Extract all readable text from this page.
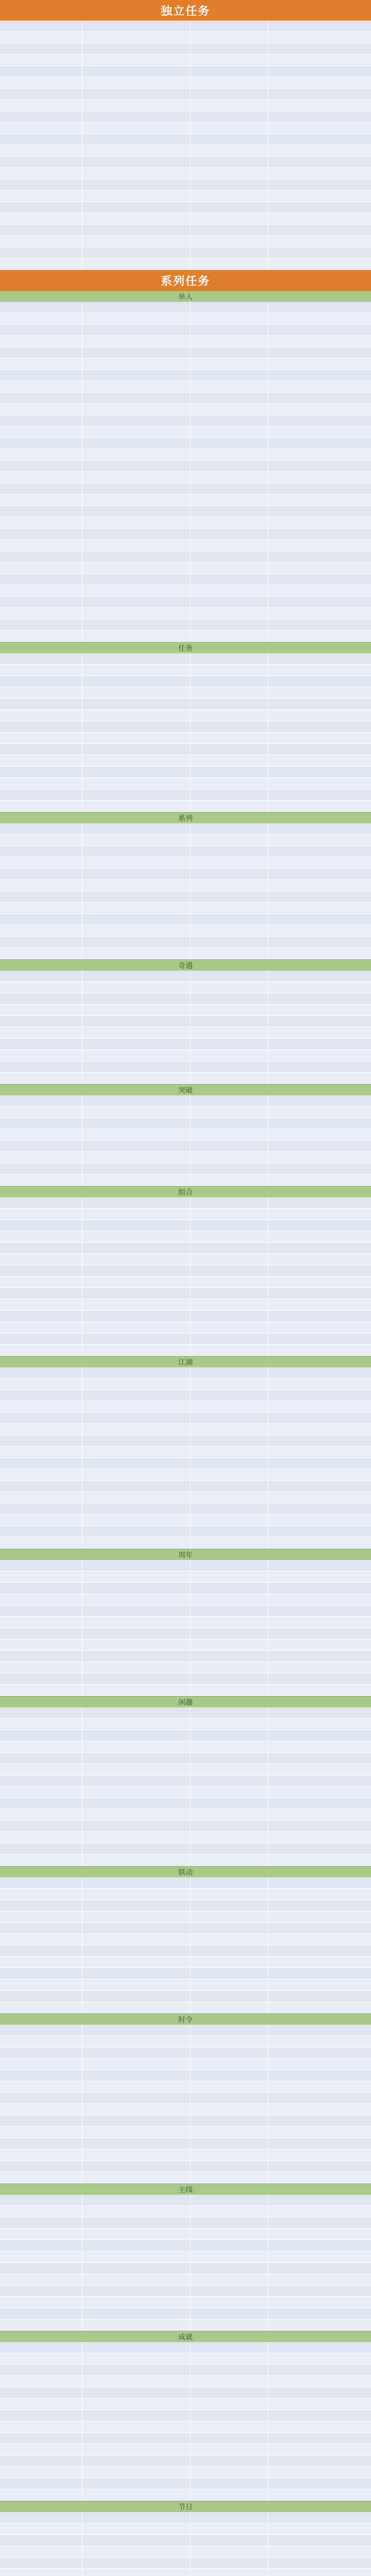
独立任务
系列任务
单人
任务
系列
奇遇
突破
组合
江湖
周年
闲趣
联动
时令
主线
成就
节日
